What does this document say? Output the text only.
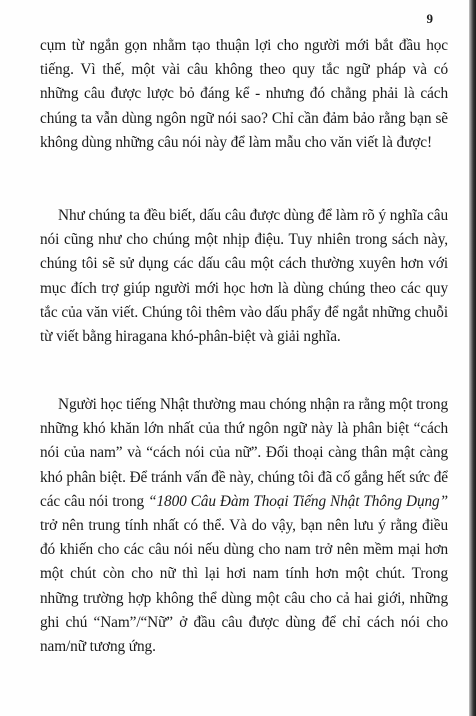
9

cụm từ ngắn gọn nhằm tạo thuận lợi cho người mới bắt đầu học tiếng. Vì thế, một vài câu không theo quy tắc ngữ pháp và có những câu được lược bỏ đáng kể - nhưng đó chẳng phải là cách chúng ta vẫn dùng ngôn ngữ nói sao? Chỉ cần đảm bảo rằng bạn sẽ không dùng những câu nói này để làm mẫu cho văn viết là được!

Như chúng ta đều biết, dấu câu được dùng để làm rõ ý nghĩa câu nói cũng như cho chúng một nhịp điệu. Tuy nhiên trong sách này, chúng tôi sẽ sử dụng các dấu câu một cách thường xuyên hơn với mục đích trợ giúp người mới học hơn là dùng chúng theo các quy tắc của văn viết. Chúng tôi thêm vào dấu phẩy để ngắt những chuỗi từ viết bằng hiragana khó-phân-biệt và giải nghĩa.

Người học tiếng Nhật thường mau chóng nhận ra rằng một trong những khó khăn lớn nhất của thứ ngôn ngữ này là phân biệt “cách nói của nam” và “cách nói của nữ”. Đối thoại càng thân mật càng khó phân biệt. Để tránh vấn đề này, chúng tôi đã cố gắng hết sức để các câu nói trong “1800 Câu Đàm Thoại Tiếng Nhật Thông Dụng” trở nên trung tính nhất có thể. Và do vậy, bạn nên lưu ý rằng điều đó khiến cho các câu nói nếu dùng cho nam trở nên mềm mại hơn một chút còn cho nữ thì lại hơi nam tính hơn một chút. Trong những trường hợp không thể dùng một câu cho cả hai giới, những ghi chú “Nam”/“Nữ” ở đầu câu được dùng để chỉ cách nói cho nam/nữ tương ứng.
